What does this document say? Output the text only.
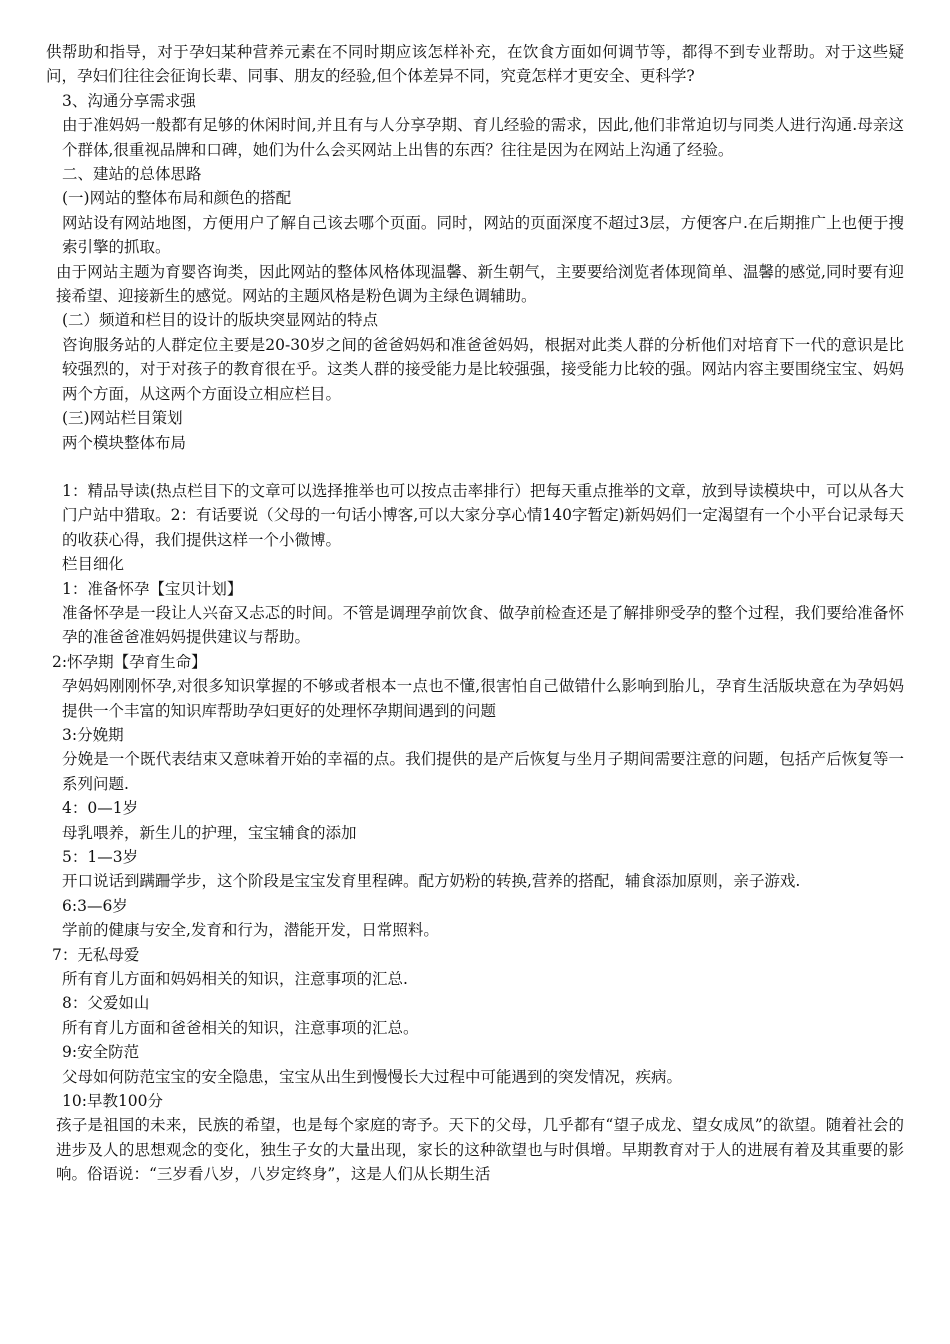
供帮助和指导，对于孕妇某种营养元素在不同时期应该怎样补充，在饮食方面如何调节等，都得不到专业帮助。对于这些疑问，孕妇们往往会征询长辈、同事、朋友的经验,但个体差异不同，究竟怎样才更安全、更科学?

3、沟通分享需求强

由于准妈妈一般都有足够的休闲时间,并且有与人分享孕期、育儿经验的需求，因此,他们非常迫切与同类人进行沟通.母亲这个群体,很重视品牌和口碑，她们为什么会买网站上出售的东西？往往是因为在网站上沟通了经验。

二、建站的总体思路

(一)网站的整体布局和颜色的搭配

网站设有网站地图，方便用户了解自己该去哪个页面。同时，网站的页面深度不超过3层，方便客户.在后期推广上也便于搜索引擎的抓取。

由于网站主题为育婴咨询类，因此网站的整体风格体现温馨、新生朝气，主要要给浏览者体现简单、温馨的感觉,同时要有迎接希望、迎接新生的感觉。网站的主题风格是粉色调为主绿色调辅助。

(二）频道和栏目的设计的版块突显网站的特点

咨询服务站的人群定位主要是20-30岁之间的爸爸妈妈和准爸爸妈妈，根据对此类人群的分析他们对培育下一代的意识是比较强烈的，对于对孩子的教育很在乎。这类人群的接受能力是比较强强，接受能力比较的强。网站内容主要围绕宝宝、妈妈两个方面，从这两个方面设立相应栏目。

(三)网站栏目策划

两个模块整体布局

1：精品导读(热点栏目下的文章可以选择推举也可以按点击率排行）把每天重点推举的文章，放到导读模块中，可以从各大门户站中猎取。2：有话要说（父母的一句话小博客,可以大家分享心情140字暂定)新妈妈们一定渴望有一个小平台记录每天的收获心得，我们提供这样一个小微博。

栏目细化

1：准备怀孕【宝贝计划】

准备怀孕是一段让人兴奋又忐忑的时间。不管是调理孕前饮食、做孕前检查还是了解排卵受孕的整个过程，我们要给准备怀孕的准爸爸准妈妈提供建议与帮助。

2:怀孕期【孕育生命】

孕妈妈刚刚怀孕,对很多知识掌握的不够或者根本一点也不懂,很害怕自己做错什么影响到胎儿，孕育生活版块意在为孕妈妈提供一个丰富的知识库帮助孕妇更好的处理怀孕期间遇到的问题

3:分娩期

分娩是一个既代表结束又意味着开始的幸福的点。我们提供的是产后恢复与坐月子期间需要注意的问题，包括产后恢复等一系列问题.

4：0—1岁

母乳喂养，新生儿的护理，宝宝辅食的添加

5：1—3岁

开口说话到蹒跚学步，这个阶段是宝宝发育里程碑。配方奶粉的转换,营养的搭配，辅食添加原则，亲子游戏.

6:3—6岁

学前的健康与安全,发育和行为，潜能开发，日常照料。

7：无私母爱

所有育儿方面和妈妈相关的知识，注意事项的汇总.

8：父爱如山

所有育儿方面和爸爸相关的知识，注意事项的汇总。

9:安全防范

父母如何防范宝宝的安全隐患，宝宝从出生到慢慢长大过程中可能遇到的突发情况，疾病。

10:早教100分

孩子是祖国的未来，民族的希望，也是每个家庭的寄予。天下的父母，几乎都有“望子成龙、望女成凤”的欲望。随着社会的进步及人的思想观念的变化，独生子女的大量出现，家长的这种欲望也与时俱增。早期教育对于人的进展有着及其重要的影响。俗语说：“三岁看八岁，八岁定终身”，这是人们从长期生活
